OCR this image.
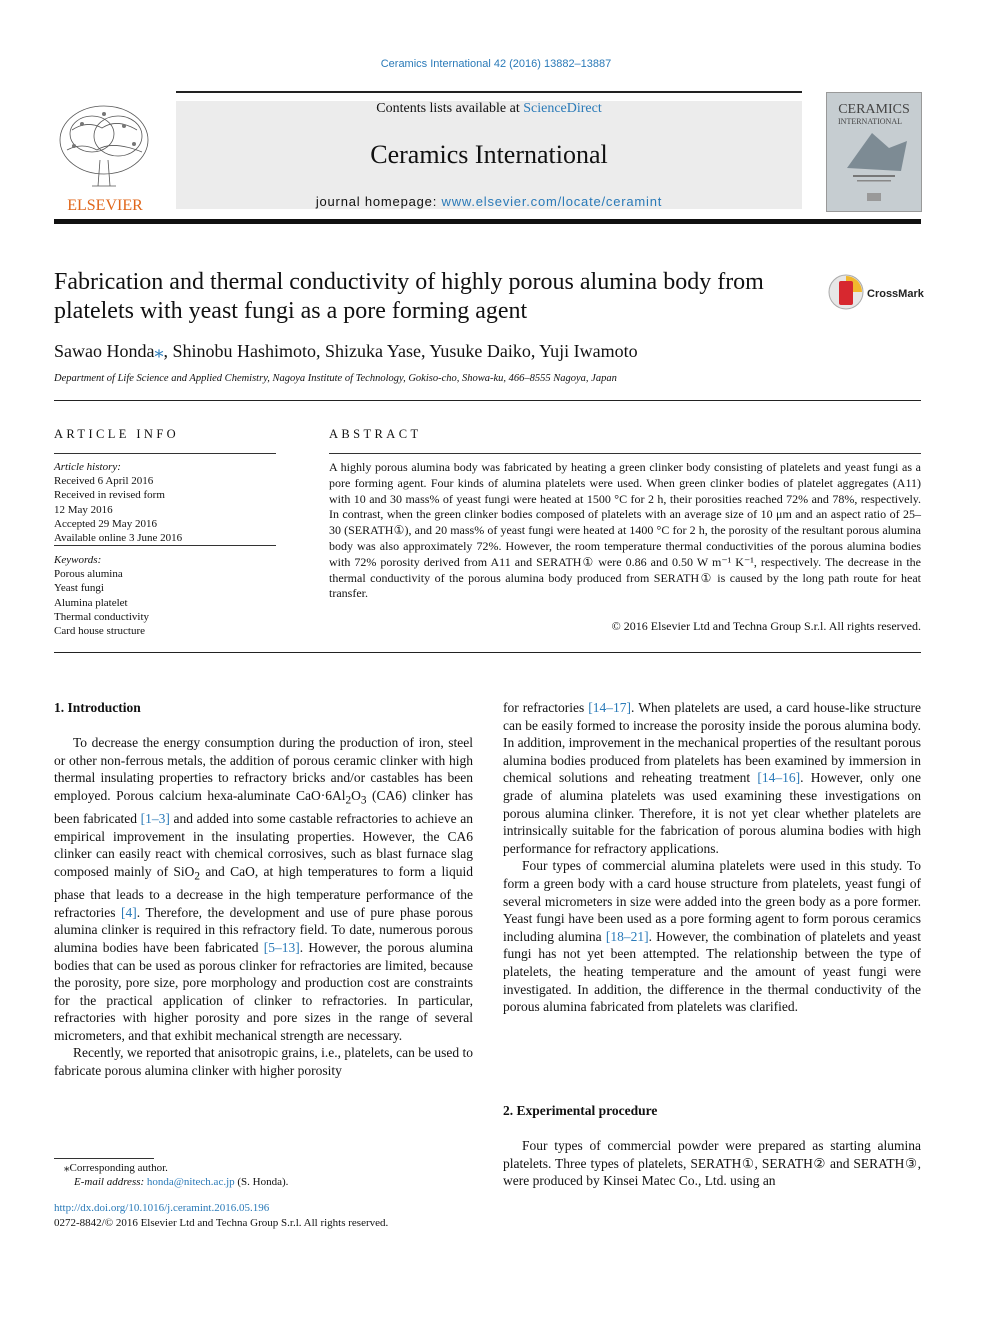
Ceramics International 42 (2016) 13882–13887
ELSEVIER
Contents lists available at ScienceDirect
Ceramics International
journal homepage: www.elsevier.com/locate/ceramint
CERAMICS
INTERNATIONAL
Fabrication and thermal conductivity of highly porous alumina body from platelets with yeast fungi as a pore forming agent
CrossMark
Sawao Honda⁎, Shinobu Hashimoto, Shizuka Yase, Yusuke Daiko, Yuji Iwamoto
Department of Life Science and Applied Chemistry, Nagoya Institute of Technology, Gokiso-cho, Showa-ku, 466–8555 Nagoya, Japan
ARTICLE INFO	ABSTRACT
Article history:
Received 6 April 2016
Received in revised form
12 May 2016
Accepted 29 May 2016
Available online 3 June 2016
Keywords:
Porous alumina
Yeast fungi
Alumina platelet
Thermal conductivity
Card house structure
A highly porous alumina body was fabricated by heating a green clinker body consisting of platelets and yeast fungi as a pore forming agent. Four kinds of alumina platelets were used. When green clinker bodies of platelet aggregates (A11) with 10 and 30 mass% of yeast fungi were heated at 1500 °C for 2 h, their porosities reached 72% and 78%, respectively. In contrast, when the green clinker bodies composed of platelets with an average size of 10 μm and an aspect ratio of 25–30 (SERATH①), and 20 mass% of yeast fungi were heated at 1400 °C for 2 h, the porosity of the resultant porous alumina body was also approximately 72%. However, the room temperature thermal conductivities of the porous alumina bodies with 72% porosity derived from A11 and SERATH① were 0.86 and 0.50 W m⁻¹ K⁻¹, respectively. The decrease in the thermal conductivity of the porous alumina body produced from SERATH① is caused by the long path route for heat transfer.
© 2016 Elsevier Ltd and Techna Group S.r.l. All rights reserved.
1. Introduction

To decrease the energy consumption during the production of iron, steel or other non-ferrous metals, the addition of porous ceramic clinker with high thermal insulating properties to refractory bricks and/or castables has been employed. Porous calcium hexa-aluminate $CaO\cdot 6Al_2O_3$ (CA6) clinker has been fabricated [1–3] and added into some castable refractories to achieve an empirical improvement in the insulating properties. However, the CA6 clinker can easily react with chemical corrosives, such as blast furnace slag composed mainly of SiO$_2$ and CaO, at high temperatures to form a liquid phase that leads to a decrease in the high temperature performance of the refractories [4]. Therefore, the development and use of pure phase porous alumina clinker is required in this refractory field. To date, numerous porous alumina bodies have been fabricated [5–13]. However, the porous alumina bodies that can be used as porous clinker for refractories are limited, because the porosity, pore size, pore morphology and production cost are constraints for the practical application of clinker to refractories. In particular, refractories with higher porosity and pore sizes in the range of several micrometers, and that exhibit mechanical strength are necessary.

Recently, we reported that anisotropic grains, i.e., platelets, can be used to fabricate porous alumina clinker with higher porosity

for refractories [14–17]. When platelets are used, a card house-like structure can be easily formed to increase the porosity inside the porous alumina body. In addition, improvement in the mechanical properties of the resultant porous alumina bodies produced from platelets has been examined by immersion in chemical solutions and reheating treatment [14–16]. However, only one grade of alumina platelets was used examining these investigations on porous alumina clinker. Therefore, it is not yet clear whether platelets are intrinsically suitable for the fabrication of porous alumina bodies with high performance for refractory applications.

Four types of commercial alumina platelets were used in this study. To form a green body with a card house structure from platelets, yeast fungi of several micrometers in size were added into the green body as a pore former. Yeast fungi have been used as a pore forming agent to form porous ceramics including alumina [18–21]. However, the combination of platelets and yeast fungi has not yet been attempted. The relationship between the type of platelets, the heating temperature and the amount of yeast fungi were investigated. In addition, the difference in the thermal conductivity of the porous alumina fabricated from platelets was clarified.

2. Experimental procedure

Four types of commercial powder were prepared as starting alumina platelets. Three types of platelets, SERATH①, SERATH② and SERATH③, were produced by Kinsei Matec Co., Ltd. using an

⁎Corresponding author.
E-mail address: honda@nitech.ac.jp (S. Honda).
http://dx.doi.org/10.1016/j.ceramint.2016.05.196
0272-8842/© 2016 Elsevier Ltd and Techna Group S.r.l. All rights reserved.
